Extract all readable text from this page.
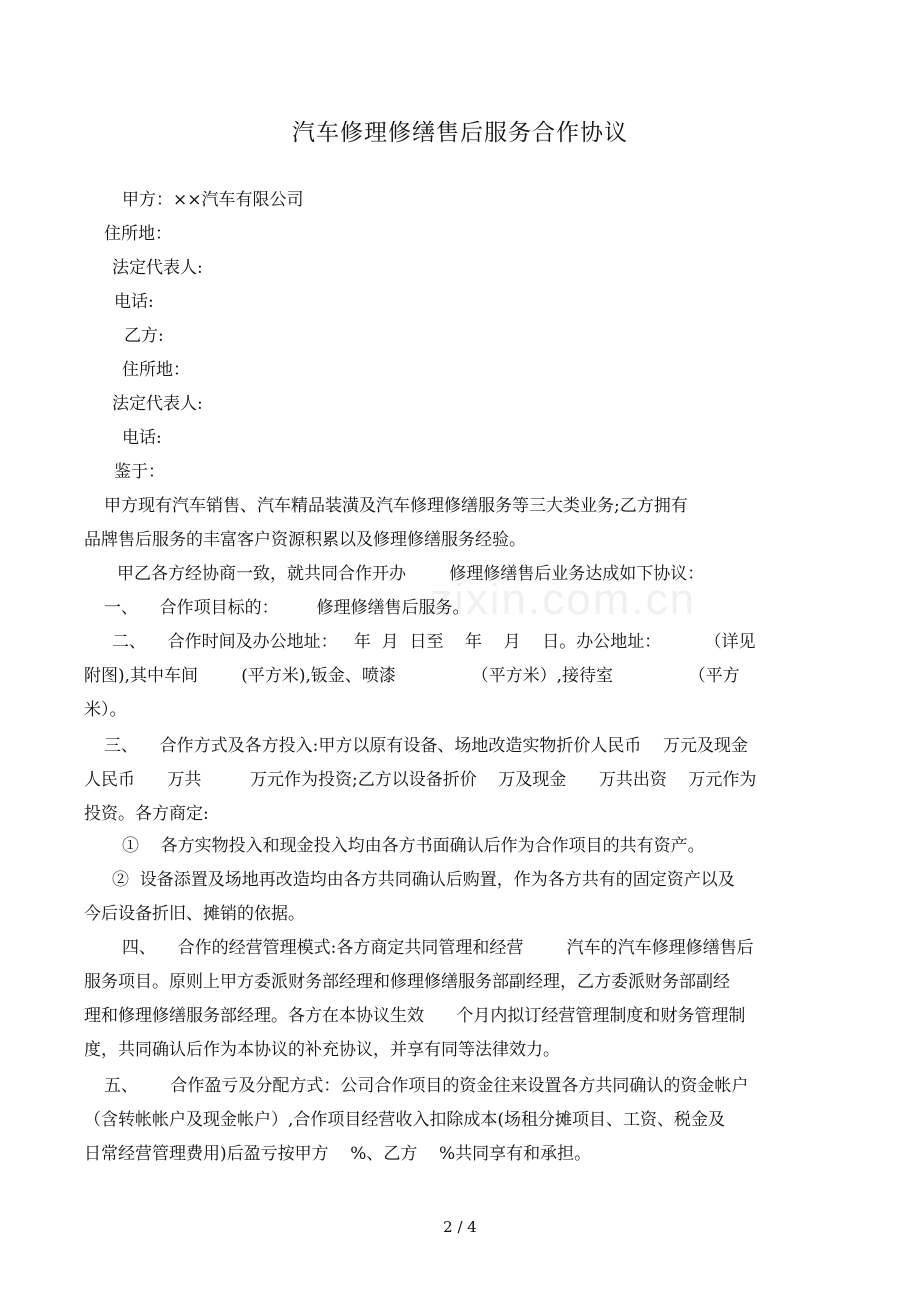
汽车修理修缮售后服务合作协议
甲方：××汽车有限公司
住所地：
法定代表人:
电话:
乙方:
住所地：
法定代表人:
电话:
鉴于：
甲方现有汽车销售、汽车精品装潢及汽车修理修缮服务等三大类业务;乙方拥有
品牌售后服务的丰富客户资源积累以及修理修缮服务经验。
甲乙各方经协商一致，就共同合作开办        修理修缮售后业务达成如下协议：
一、    合作项目标的：       修理修缮售后服务。
二、    合作时间及办公地址：   年  月  日至    年    月    日。办公地址：        （详见
附图),其中车间        (平方米),钣金、喷漆              （平方米）,接待室              （平方
米）。
三、    合作方式及各方投入:甲方以原有设备、场地改造实物折价人民币    万元及现金
人民币      万共         万元作为投资;乙方以设备折价    万及现金      万共出资    万元作为
投资。各方商定:
①    各方实物投入和现金投入均由各方书面确认后作为合作项目的共有资产。
②  设备添置及场地再改造均由各方共同确认后购置，作为各方共有的固定资产以及
今后设备折旧、摊销的依据。
四、    合作的经营管理模式:各方商定共同管理和经营        汽车的汽车修理修缮售后
服务项目。原则上甲方委派财务部经理和修理修缮服务部副经理，乙方委派财务部副经
理和修理修缮服务部经理。各方在本协议生效      个月内拟订经营管理制度和财务管理制
度，共同确认后作为本协议的补充协议，并享有同等法律效力。
五、      合作盈亏及分配方式：公司合作项目的资金往来设置各方共同确认的资金帐户
（含转帐帐户及现金帐户）,合作项目经营收入扣除成本(场租分摊项目、工资、税金及
日常经营管理费用)后盈亏按甲方    %、乙方    %共同享有和承担。
zixin.com.cn
2 / 4
